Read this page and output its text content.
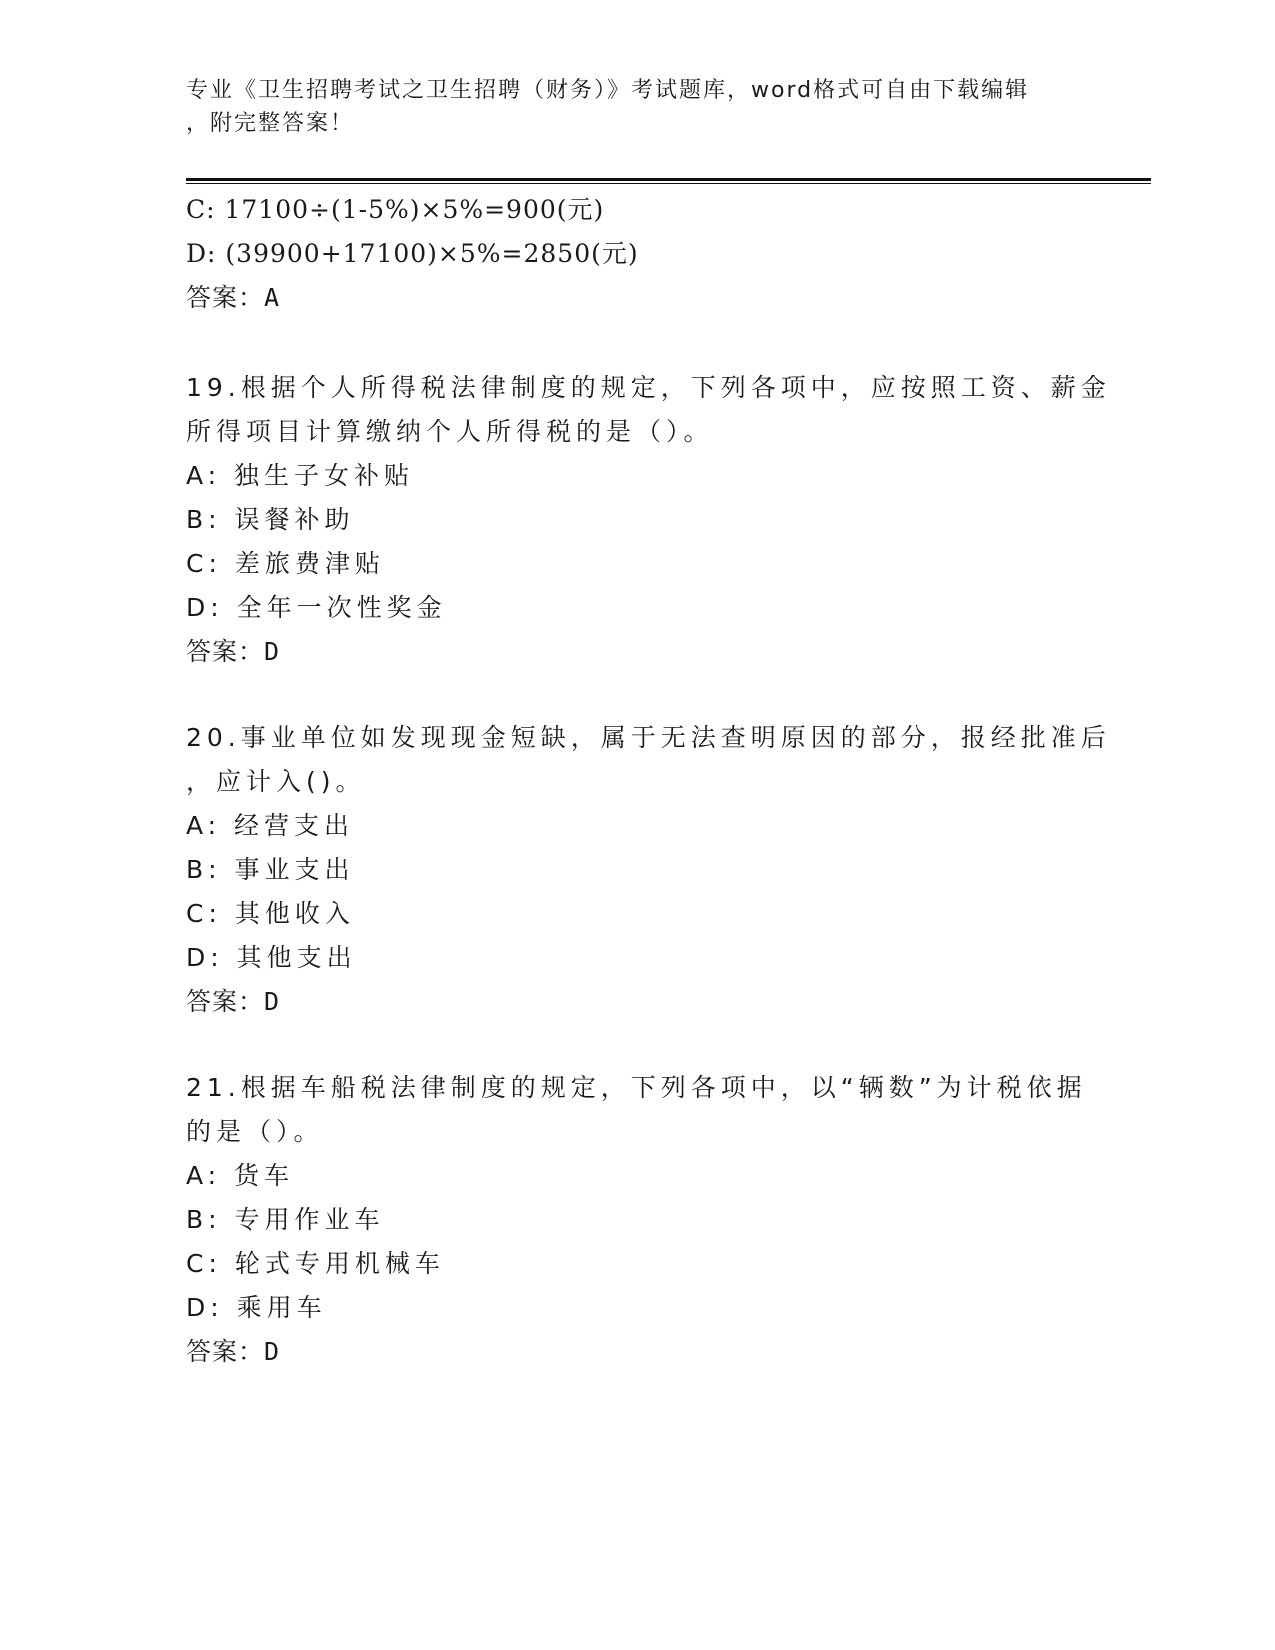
专业《卫生招聘考试之卫生招聘（财务）》考试题库，word格式可自由下载编辑
，附完整答案！
C: 17100÷(1-5%)×5%=900(元)
D: (39900+17100)×5%=2850(元)
答案：A
19.根据个人所得税法律制度的规定，下列各项中，应按照工资、薪金
所得项目计算缴纳个人所得税的是（）。
A: 独生子女补贴
B: 误餐补助
C: 差旅费津贴
D: 全年一次性奖金
答案：D
20.事业单位如发现现金短缺，属于无法查明原因的部分，报经批准后
，应计入()。
A: 经营支出
B: 事业支出
C: 其他收入
D: 其他支出
答案：D
21.根据车船税法律制度的规定，下列各项中，以“辆数”为计税依据
的是（）。
A: 货车
B: 专用作业车
C: 轮式专用机械车
D: 乘用车
答案：D
